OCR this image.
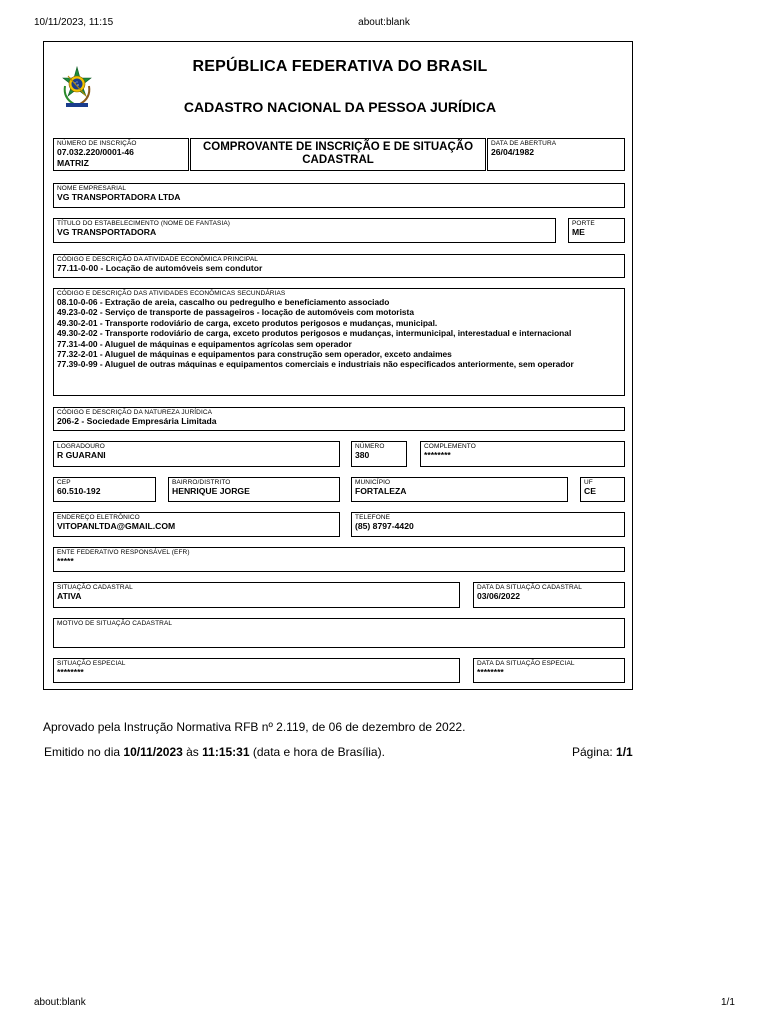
10/11/2023, 11:15	about:blank
about:blank	1/1
REPÚBLICA FEDERATIVA DO BRASIL
CADASTRO NACIONAL DA PESSOA JURÍDICA
NÚMERO DE INSCRIÇÃO
07.032.220/0001-46
MATRIZ
COMPROVANTE DE INSCRIÇÃO E DE SITUAÇÃO CADASTRAL
DATA DE ABERTURA
26/04/1982
NOME EMPRESARIAL
VG TRANSPORTADORA LTDA
TÍTULO DO ESTABELECIMENTO (NOME DE FANTASIA)
VG TRANSPORTADORA
PORTE
ME
CÓDIGO E DESCRIÇÃO DA ATIVIDADE ECONÔMICA PRINCIPAL
77.11-0-00 - Locação de automóveis sem condutor
CÓDIGO E DESCRIÇÃO DAS ATIVIDADES ECONÔMICAS SECUNDÁRIAS
08.10-0-06 - Extração de areia, cascalho ou pedregulho e beneficiamento associado
49.23-0-02 - Serviço de transporte de passageiros - locação de automóveis com motorista
49.30-2-01 - Transporte rodoviário de carga, exceto produtos perigosos e mudanças, municipal.
49.30-2-02 - Transporte rodoviário de carga, exceto produtos perigosos e mudanças, intermunicipal, interestadual e internacional
77.31-4-00 - Aluguel de máquinas e equipamentos agrícolas sem operador
77.32-2-01 - Aluguel de máquinas e equipamentos para construção sem operador, exceto andaimes
77.39-0-99 - Aluguel de outras máquinas e equipamentos comerciais e industriais não especificados anteriormente, sem operador
CÓDIGO E DESCRIÇÃO DA NATUREZA JURÍDICA
206-2 - Sociedade Empresária Limitada
LOGRADOURO
R GUARANI
NÚMERO
380
COMPLEMENTO
********
CEP
60.510-192
BAIRRO/DISTRITO
HENRIQUE JORGE
MUNICÍPIO
FORTALEZA
UF
CE
ENDEREÇO ELETRÔNICO
VITOPANLTDA@GMAIL.COM
TELEFONE
(85) 8797-4420
ENTE FEDERATIVO RESPONSÁVEL (EFR)
*****
SITUAÇÃO CADASTRAL
ATIVA
DATA DA SITUAÇÃO CADASTRAL
03/06/2022
MOTIVO DE SITUAÇÃO CADASTRAL
SITUAÇÃO ESPECIAL
********
DATA DA SITUAÇÃO ESPECIAL
********
Aprovado pela Instrução Normativa RFB nº 2.119, de 06 de dezembro de 2022.
Emitido no dia 10/11/2023 às 11:15:31 (data e hora de Brasília).	Página: 1/1
